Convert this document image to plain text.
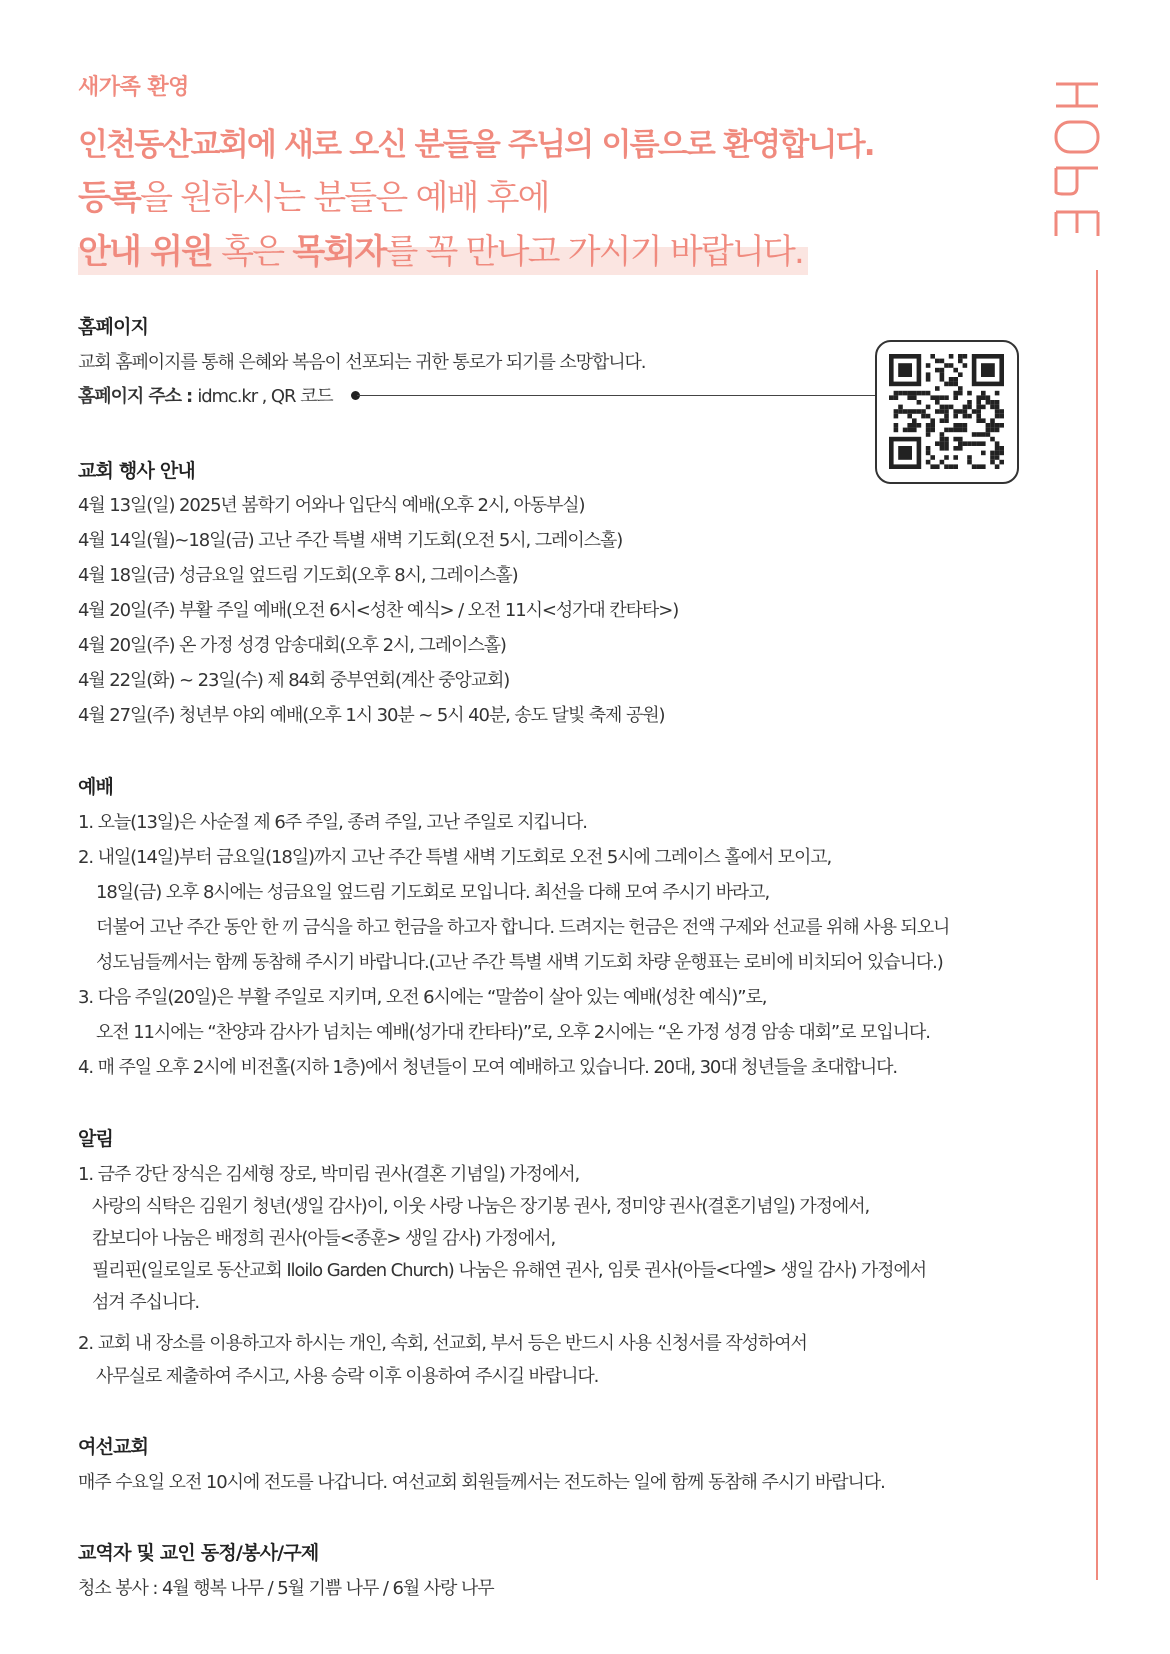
새가족 환영
인천동산교회에 새로 오신 분들을 주님의 이름으로 환영합니다.
등록을 원하시는 분들은 예배 후에
안내 위원 혹은 목회자를 꼭 만나고 가시기 바랍니다.
HOPE
홈페이지
교회 홈페이지를 통해 은혜와 복음이 선포되는 귀한 통로가 되기를 소망합니다.
홈페이지 주소 : idmc.kr , QR 코드
교회 행사 안내
4월 13일(일) 2025년 봄학기 어와나 입단식 예배(오후 2시, 아동부실)
4월 14일(월)~18일(금) 고난 주간 특별 새벽 기도회(오전 5시, 그레이스홀)
4월 18일(금) 성금요일 엎드림 기도회(오후 8시, 그레이스홀)
4월 20일(주) 부활 주일 예배(오전 6시<성찬 예식> / 오전 11시<성가대 칸타타>)
4월 20일(주) 온 가정 성경 암송대회(오후 2시, 그레이스홀)
4월 22일(화) ~ 23일(수) 제 84회 중부연회(계산 중앙교회)
4월 27일(주) 청년부 야외 예배(오후 1시 30분 ~ 5시 40분, 송도 달빛 축제 공원)
예배
1. 오늘(13일)은 사순절 제 6주 주일, 종려 주일, 고난 주일로 지킵니다.
2. 내일(14일)부터 금요일(18일)까지 고난 주간 특별 새벽 기도회로 오전 5시에 그레이스 홀에서 모이고,
18일(금) 오후 8시에는 성금요일 엎드림 기도회로 모입니다. 최선을 다해 모여 주시기 바라고,
더불어 고난 주간 동안 한 끼 금식을 하고 헌금을 하고자 합니다. 드려지는 헌금은 전액 구제와 선교를 위해 사용 되오니
성도님들께서는 함께 동참해 주시기 바랍니다.(고난 주간 특별 새벽 기도회 차량 운행표는 로비에 비치되어 있습니다.)
3. 다음 주일(20일)은 부활 주일로 지키며, 오전 6시에는 “말씀이 살아 있는 예배(성찬 예식)”로,
오전 11시에는 “찬양과 감사가 넘치는 예배(성가대 칸타타)”로, 오후 2시에는 “온 가정 성경 암송 대회”로 모입니다.
4. 매 주일 오후 2시에 비전홀(지하 1층)에서 청년들이 모여 예배하고 있습니다. 20대, 30대 청년들을 초대합니다.
알림
1. 금주 강단 장식은 김세형 장로, 박미림 권사(결혼 기념일) 가정에서,
사랑의 식탁은 김원기 청년(생일 감사)이, 이웃 사랑 나눔은 장기봉 권사, 정미양 권사(결혼기념일) 가정에서,
캄보디아 나눔은 배정희 권사(아들<종훈> 생일 감사) 가정에서,
필리핀(일로일로 동산교회 Iloilo Garden Church) 나눔은 유해연 권사, 임룻 권사(아들<다엘> 생일 감사) 가정에서
섬겨 주십니다.
2. 교회 내 장소를 이용하고자 하시는 개인, 속회, 선교회, 부서 등은 반드시 사용 신청서를 작성하여서
사무실로 제출하여 주시고, 사용 승락 이후 이용하여 주시길 바랍니다.
여선교회
매주 수요일 오전 10시에 전도를 나갑니다. 여선교회 회원들께서는 전도하는 일에 함께 동참해 주시기 바랍니다.
교역자 및 교인 동정/봉사/구제
청소 봉사 : 4월 행복 나무 / 5월 기쁨 나무 / 6월 사랑 나무
